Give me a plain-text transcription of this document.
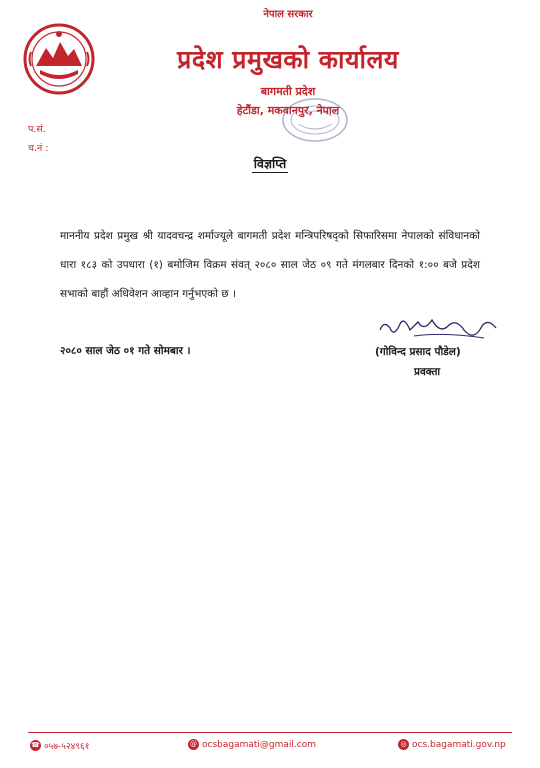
नेपाल सरकार
प्रदेश प्रमुखको कार्यालय
बागमती प्रदेश
हेटौंडा, मकवानपुर, नेपाल
प.सं.
च.नं :
विज्ञप्ति

माननीय प्रदेश प्रमुख श्री यादवचन्द्र शर्माज्यूले बागमती प्रदेश मन्त्रिपरिषद्को सिफारिसमा नेपालको संविधानको धारा १८३ को उपधारा (१) बमोजिम विक्रम संवत् २०८० साल जेठ ०९ गते मंगलबार दिनको १:०० बजे प्रदेश सभाको बाहौं अधिवेशन आव्हान गर्नुभएको छ ।

२०८० साल जेठ ०१ गते सोमबार ।	(गोविन्द प्रसाद पौडेल)
प्रवक्ता
☎ ०५७-५२४९६१	@ ocsbagamati@gmail.com	◎ ocs.bagamati.gov.np
